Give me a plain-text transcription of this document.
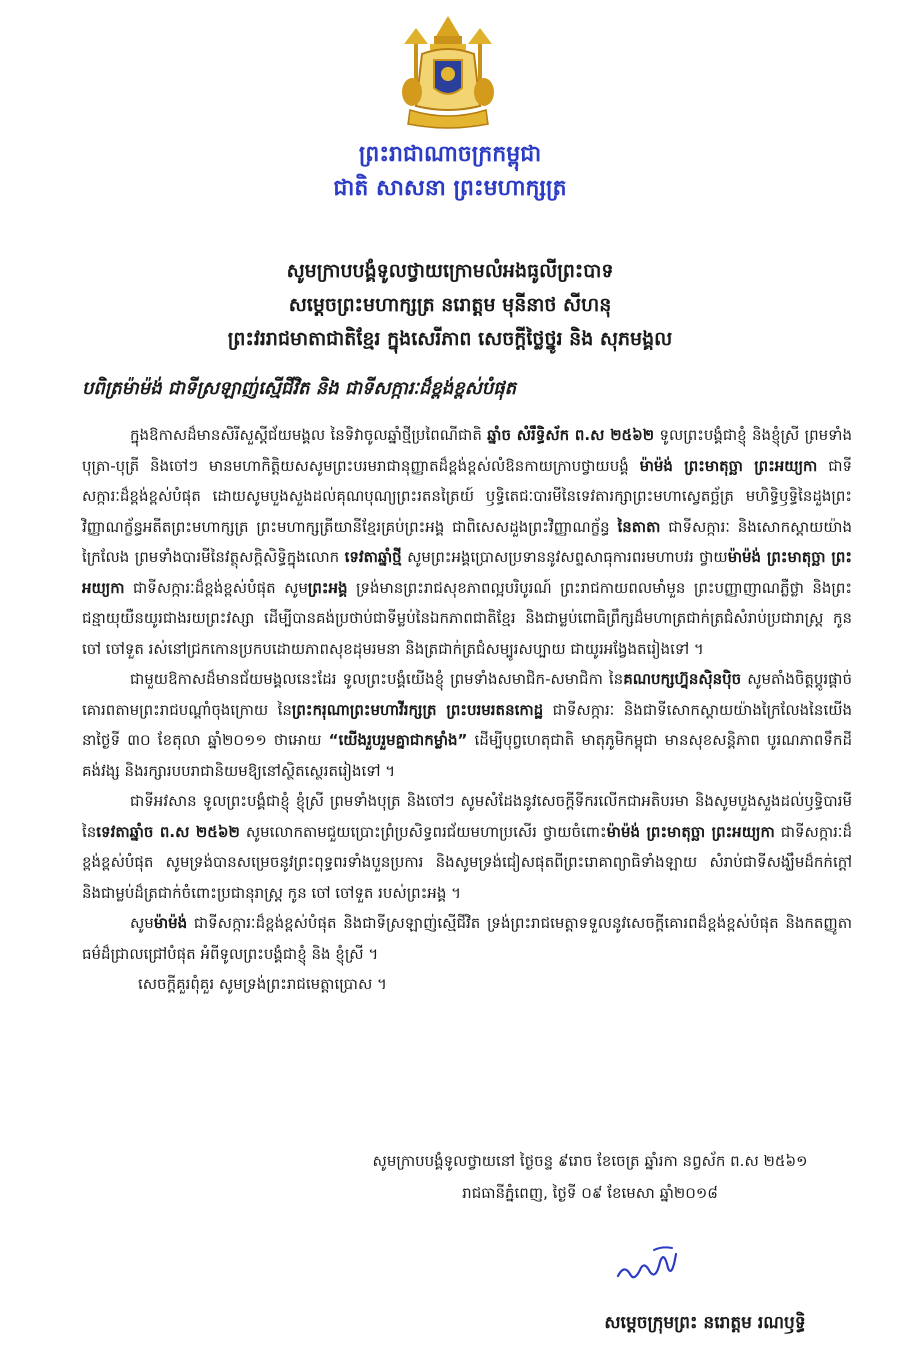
ព្រះរាជាណាចក្រកម្ពុជា
ជាតិ សាសនា ព្រះមហាក្សត្រ
សូមក្រាបបង្គំទូលថ្វាយក្រោមលំអងធូលីព្រះបាទ
សម្តេចព្រះមហាក្សត្រ នរោត្តម មុនីនាថ សីហនុ
ព្រះវររាជមាតាជាតិខ្មែរ ក្នុងសេរីភាព សេចក្តីថ្លៃថ្នូរ និង សុភមង្គល
បពិត្រម៉ាម៉ង់ ជាទីស្រឡាញ់ស្មើជីវិត និង ជាទីសក្ការៈដ៏ខ្ពង់ខ្ពស់បំផុត

ក្នុងឱកាសដ៏មានសិរីសួស្តីជ័យមង្គល នៃទិវាចូលឆ្នាំថ្មីប្រពៃណីជាតិ ឆ្នាំច សំរឹទ្ធិស័ក ព.ស ២៥៦២ ទូលព្រះបង្គំជាខ្ញុំ និងខ្ញុំស្រី ព្រមទាំងបុត្រា-បុត្រី និងចៅៗ មានមហាកិត្តិយសសូមព្រះបរមរាជានុញ្ញាតដ៏ខ្ពង់ខ្ពស់លំឱនកាយក្រាបថ្វាយបង្គំ ម៉ាម៉ង់ ព្រះមាតុច្ឆា ព្រះអយ្យកា ជាទីសក្ការៈដ៏ខ្ពង់ខ្ពស់បំផុត ដោយសូមបួងសួងដល់គុណបុណ្យព្រះរតនត្រៃយ៍ ឫទ្ធិតេជៈបារមីនៃទេវតារក្សាព្រះមហាស្វេតច្ឆ័ត្រ មហិទ្ធិឫទ្ធិនៃដួងព្រះវិញ្ញាណក្ខ័ន្ធអតីតព្រះមហាក្សត្រ ព្រះមហាក្សត្រីយានីខ្មែរគ្រប់ព្រះអង្គ ជាពិសេសដួងព្រះវិញ្ញាណក្ខ័ន្ធ នៃតាតា ជាទីសក្ការៈ និងសោកស្តាយយ៉ាងក្រៃលែង ព្រមទាំងបារមីនៃវត្ថុសក្តិសិទ្ធិក្នុងលោក ទេវតាឆ្នាំថ្មី សូមព្រះអង្គប្រោសប្រទាននូវសព្ទសាធុការពរមហាបវរ ថ្វាយម៉ាម៉ង់ ព្រះមាតុច្ឆា ព្រះអយ្យកា ជាទីសក្ការៈដ៏ខ្ពង់ខ្ពស់បំផុត សូមព្រះអង្គ ទ្រង់មានព្រះរាជសុខភាពល្អបរិបូរណ៍ ព្រះរាជកាយពលមាំមួន ព្រះបញ្ញាញាណភ្លឺថ្លា និងព្រះជន្មាយុយឺនយូរជាងរយព្រះវស្សា ដើម្បីបានគង់ប្រថាប់ជាទីម្លប់នៃឯកភាពជាតិខ្មែរ និងជាម្លប់ពោធិព្រឹក្សដ៏មហាត្រជាក់ត្រជំសំរាប់ប្រជារាស្ត្រ កូន ចៅ ចៅទួត រស់នៅជ្រកកោនប្រកបដោយភាពសុខដុមរមនា និងត្រជាក់ត្រជំសម្បូរសប្បាយ ជាយូរអង្វែងតរៀងទៅ ។

ជាមួយឱកាសដ៏មានជ័យមង្គលនេះដែរ ទូលព្រះបង្គំយើងខ្ញុំ ព្រមទាំងសមាជិក-សមាជិកា នៃគណបក្សហ្វ៊ុនស៊ិនប៉ិច សូមតាំងចិត្តប្តូរផ្តាច់គោរពតាមព្រះរាជបណ្តាំចុងក្រោយ នៃព្រះករុណាព្រះមហាវីរក្សត្រ ព្រះបរមរតនកោដ្ឋ ជាទីសក្ការៈ និងជាទីសោកស្តាយយ៉ាងក្រៃលែងនៃយើង នាថ្ងៃទី ៣០ ខែតុលា ឆ្នាំ២០១១ ថាអោយ “យើងរួបរួមគ្នាជាកម្លាំង” ដើម្បីបុព្វហេតុជាតិ មាតុភូមិកម្ពុជា មានសុខសន្តិភាព បូរណភាពទឹកដីគង់វង្ស និងរក្សារបបរាជានិយមឱ្យនៅស្ថិតស្ថេរតរៀងទៅ ។

ជាទីអវសាន ទូលព្រះបង្គំជាខ្ញុំ ខ្ញុំស្រី ព្រមទាំងបុត្រ និងចៅៗ សូមសំដែងនូវសេចក្តីទីករលើកជាអតិបរមា និងសូមបួងសួងដល់ឫទ្ធិបារមី នៃទេវតាឆ្នាំច ព.ស ២៥៦២ សូមលោកតាមជួយប្រោះព្រំប្រសិទ្ធពរជ័យមហាប្រសើរ ថ្វាយចំពោះម៉ាម៉ង់ ព្រះមាតុច្ឆា ព្រះអយ្យកា ជាទីសក្ការៈដ៏ខ្ពង់ខ្ពស់បំផុត សូមទ្រង់បានសម្រេចនូវព្រះពុទ្ធពរទាំងបួនប្រការ និងសូមទ្រង់ជៀសផុតពីព្រះរោគាព្យាធិទាំងឡាយ សំរាប់ជាទីសង្ឃឹមដ៏កក់ក្តៅ និងជាម្លប់ដ៏ត្រជាក់ចំពោះប្រជានុរាស្ត្រ កូន ចៅ ចៅទួត របស់ព្រះអង្គ ។

សូមម៉ាម៉ង់ ជាទីសក្ការៈដ៏ខ្ពង់ខ្ពស់បំផុត និងជាទីស្រឡាញ់ស្មើជីវិត ទ្រង់ព្រះរាជមេត្តាទទួលនូវសេចក្តីគោរពដ៏ខ្ពង់ខ្ពស់បំផុត និងកតញ្ញូតាធម៌ដ៏ជ្រាលជ្រៅបំផុត អំពីទូលព្រះបង្គំជាខ្ញុំ និង ខ្ញុំស្រី ។

សេចក្តីគួរពុំគួរ សូមទ្រង់ព្រះរាជមេត្តាប្រោស ។

សូមក្រាបបង្គំទូលថ្វាយនៅ ថ្ងៃចន្ទ ៩រោច ខែចេត្រ ឆ្នាំរកា នព្វស័ក ព.ស ២៥៦១
រាជធានីភ្នំពេញ, ថ្ងៃទី ០៩ ខែមេសា ឆ្នាំ២០១៨
សម្តេចក្រុមព្រះ នរោត្តម រណឫទ្ធិ
